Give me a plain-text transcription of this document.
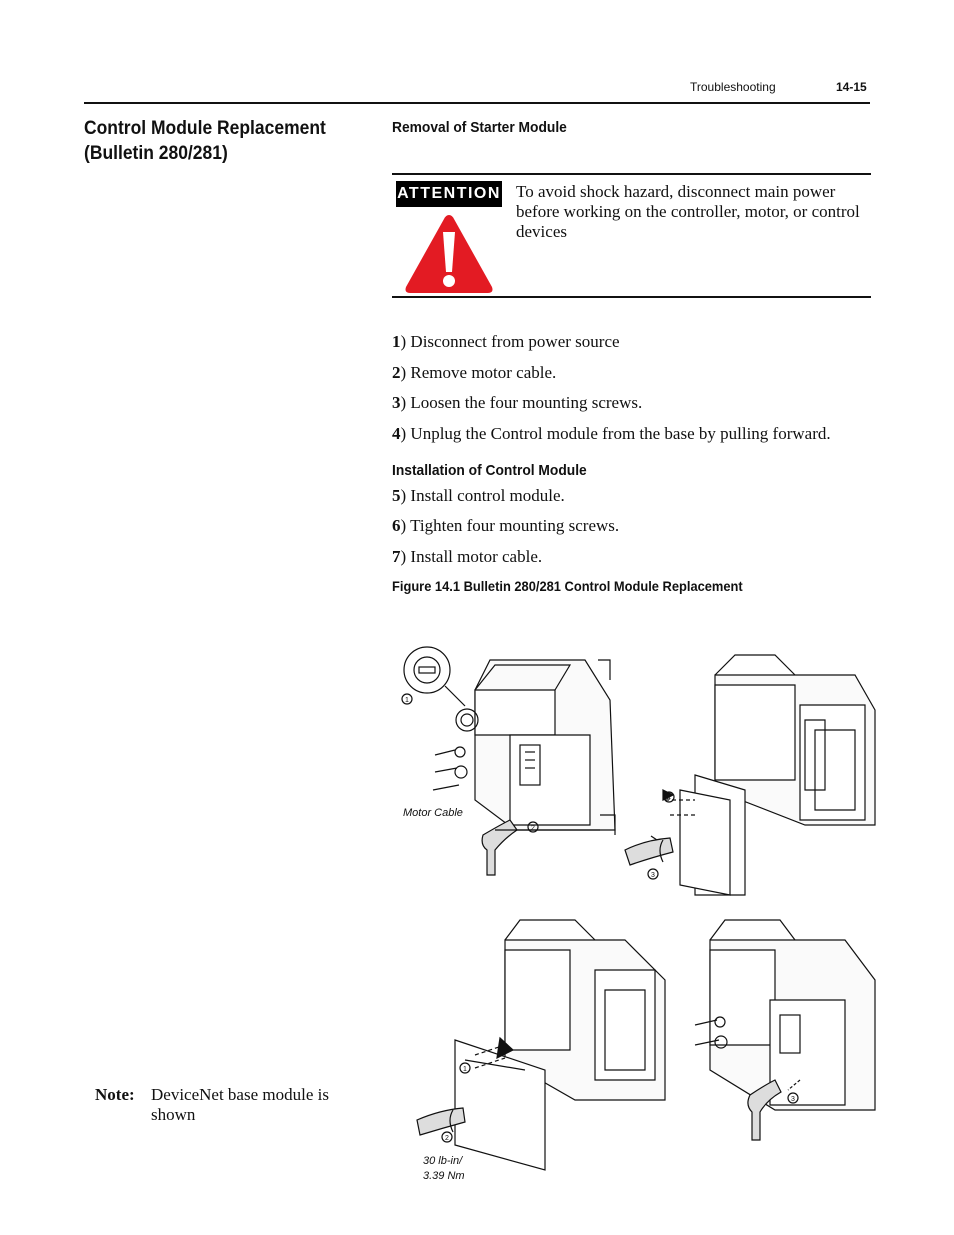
Troubleshooting	14-15
Control Module Replacement
(Bulletin 280/281)
Removal of Starter Module
ATTENTION To avoid shock hazard, disconnect main power before working on the controller, motor, or control devices
1) Disconnect from power source
2) Remove motor cable.
3) Loosen the four mounting screws.
4) Unplug the Control module from the base by pulling forward.
Installation of Control Module
5) Install control module.
6) Tighten four mounting screws.
7) Install motor cable.
Figure 14.1 Bulletin 280/281 Control Module Replacement
1
2
4
3
1
2
3
Motor Cable
30 lb-in/
3.39 Nm
Note: DeviceNet base module is shown
